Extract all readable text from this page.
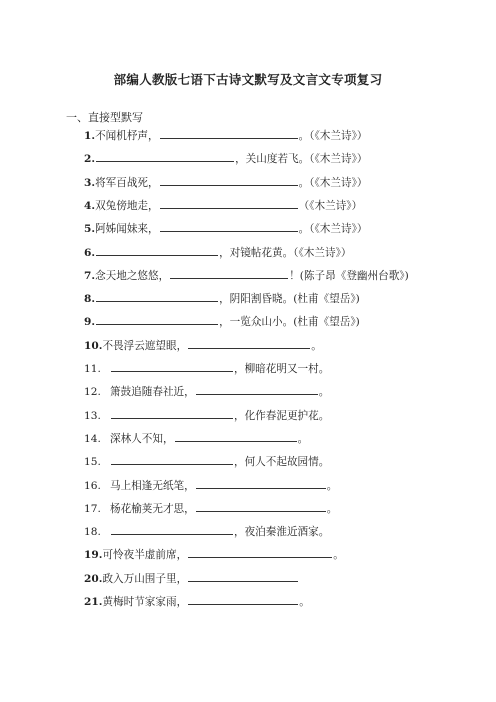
部编人教版七语下古诗文默写及文言文专项复习
一、直接型默写
1.不闻机杼声，	。（《木兰诗》）
2.	，关山度若飞。（《木兰诗》）
3.将军百战死，	。（《木兰诗》）
4.双兔傍地走，	（《木兰诗》）
5.阿姊闻妹来，	。（《木兰诗》）
6.	，对镜帖花黄。（《木兰诗》）
7.念天地之悠悠，	！(陈子昂《登幽州台歌》)
8.	，阴阳割昏晓。(杜甫《望岳》)
9.	，一览众山小。(杜甫《望岳》)
10.不畏浮云遮望眼，	。
11.	，柳暗花明又一村。
12. 箫鼓追随春社近，	。
13.	，化作春泥更护花。
14. 深林人不知，	。
15.	，何人不起故园情。
16. 马上相逢无纸笔，	。
17. 杨花榆荚无才思，	。
18.	，夜泊秦淮近酒家。
19.可怜夜半虚前席，	。
20.政入万山围子里，
21.黄梅时节家家雨，	。
